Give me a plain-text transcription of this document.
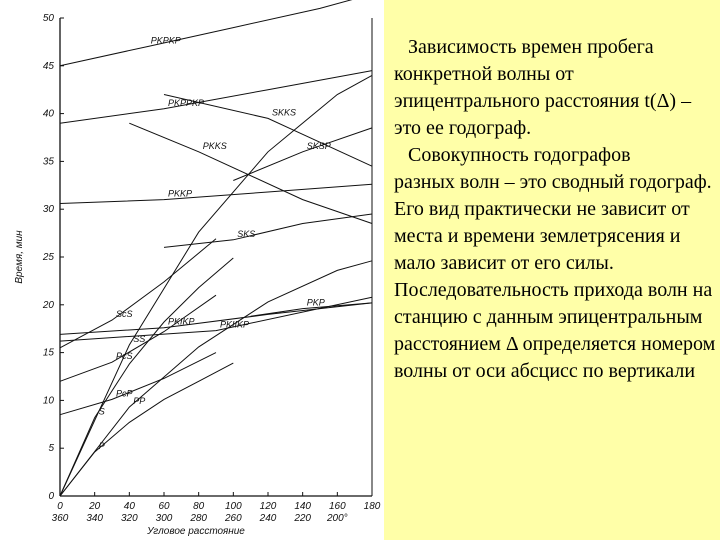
0
5
10
15
20
25
30
35
40
45
50
0	20 40 60 80 100 120 140 160 180
360 340 320 300 280 260 240 220 200°
Время, мин
Угловое расстояние
P
S
PP
PcP
ScS
PcS
PKP
PKIKP
SS
SKS
PKKP
PKKS
SKKS
PKPPKP
PKPKP
SKSP
PKIIKP

Зависимость времен пробега

конкретной волны от эпицентрального расстояния t(Δ) – это ее годограф.

Совокупность годографов

разных волн – это сводный годограф. Его вид практически не зависит от места и времени землетрясения и мало зависит от его силы. Последовательность прихода волн на станцию с данным эпицентральным расстоянием Δ определяется номером волны от оси абсцисс по вертикали
